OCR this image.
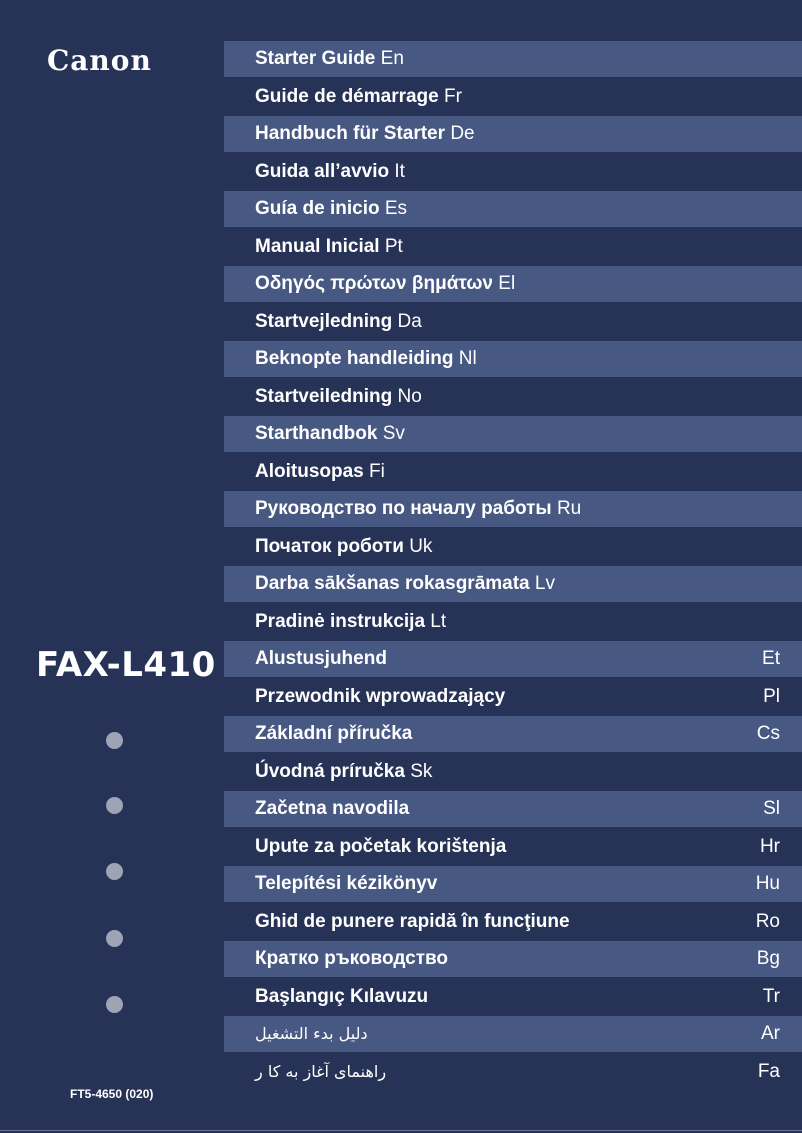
Canon
FAX-L410
FT5-4650 (020)
Starter Guide En
Guide de démarrage Fr
Handbuch für Starter De
Guida all’avvio It
Guía de inicio Es
Manual Inicial Pt
Οδηγός πρώτων βημάτων El
Startvejledning Da
Beknopte handleiding Nl
Startveiledning No
Starthandbok Sv
Aloitusopas Fi
Руководство по началу работы Ru
Початок роботи Uk
Darba sākšanas rokasgrāmata Lv
Pradinė instrukcija Lt
Alustusjuhend	Et
Przewodnik wprowadzający	Pl
Základní příručka	Cs
Úvodná príručka Sk
Začetna navodila	Sl
Upute za početak korištenja	Hr
Telepítési kézikönyv	Hu
Ghid de punere rapidă în funcţiune	Ro
Кратко ръководство	Bg
Başlangıç Kılavuzu	Tr
دليل بدء التشغيل	Ar
راهنمای آغاز به کا ر	Fa
